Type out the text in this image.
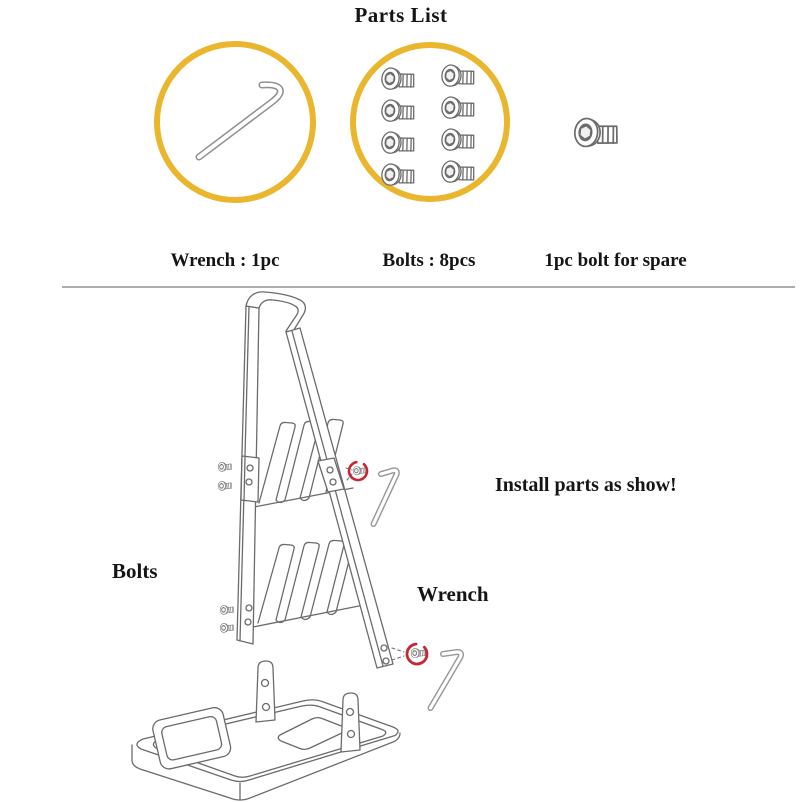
Parts List
Wrench : 1pc	Bolts : 8pcs	1pc bolt for spare
Install parts as show!
Bolts
Wrench
